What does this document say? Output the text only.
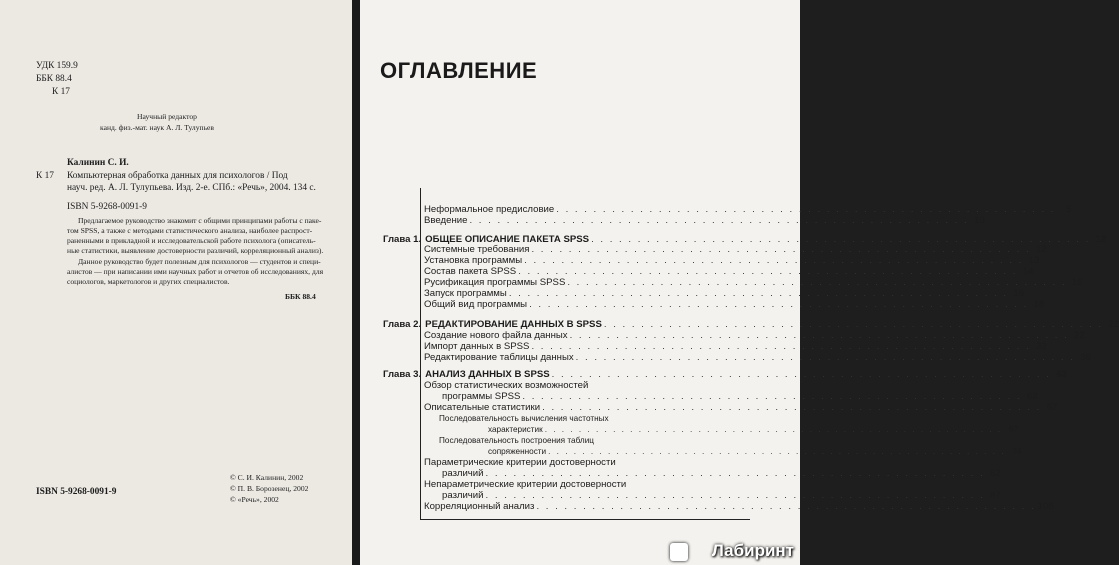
УДК 159.9
ББК 88.4
К 17
Научный редактор
канд. физ.-мат. наук А. Л. Тулупьев
Калинин С. И.
К 17 Компьютерная обработка данных для психологов / Под
науч. ред. А. Л. Тулупьева. Изд. 2-е. СПб.: «Речь», 2004. 134 с.
ISBN 5-9268-0091-9
Предлагаемое руководство знакомит с общими принципами работы с паке-
том SPSS, а также с методами статистического анализа, наиболее распрост-
раненными в прикладной и исследовательской работе психолога (описатель-
ные статистики, выявление достоверности различий, корреляционный анализ).
Данное руководство будет полезным для психологов — студентов и специ-
алистов — при написании ими научных работ и отчетов об исследованиях, для
социологов, маркетологов и других специалистов.
ББК 88.4
© С. И. Калинин, 2002
© П. В. Борозенец, 2002
© «Речь», 2002
ISBN 5-9268-0091-9
ОГЛАВЛЕНИЕ
Неформальное предисловие . . . . . . . . . . . . . . . . . . . . . . . . . . . . . . . . . . . . . . . . . . . . . . . . . . . . . .	5
Введение . . . . . . . . . . . . . . . . . . . . . . . . . . . . . . . . . . . . . . . . . . . . . . . . . . . . . . 10
Глава 1. ОБЩЕЕ ОПИСАНИЕ ПАКЕТА SPSS . . . . . . . . . . . . . . . . . . . . . . . . . . . . . . . . . . . . . . . . . . . . . . . . . . . . . . 12
Системные требования . . . . . . . . . . . . . . . . . . . . . . . . . . . . . . . . . . . . . . . . . . . . . . . . . . . . . . 12
Установка программы . . . . . . . . . . . . . . . . . . . . . . . . . . . . . . . . . . . . . . . . . . . . . . . . . . . . . . 13
Состав пакета SPSS . . . . . . . . . . . . . . . . . . . . . . . . . . . . . . . . . . . . . . . . . . . . . . . . . . . . . . 14
Русификация программы SPSS . . . . . . . . . . . . . . . . . . . . . . . . . . . . . . . . . . . . . . . . . . . . . . . . . . . . . . 15
Запуск программы . . . . . . . . . . . . . . . . . . . . . . . . . . . . . . . . . . . . . . . . . . . . . . . . . . . . . . 16
Общий вид программы . . . . . . . . . . . . . . . . . . . . . . . . . . . . . . . . . . . . . . . . . . . . . . . . . . . . . . 18
Глава 2. РЕДАКТИРОВАНИЕ ДАННЫХ В SPSS . . . . . . . . . . . . . . . . . . . . . . . . . . . . . . . . . . . . . . . . . . . . . . . . . . . . . . 22
Создание нового файла данных . . . . . . . . . . . . . . . . . . . . . . . . . . . . . . . . . . . . . . . . . . . . . . . . . . . . . . 22
Импорт данных в SPSS . . . . . . . . . . . . . . . . . . . . . . . . . . . . . . . . . . . . . . . . . . . . . . . . . . . . . . 32
Редактирование таблицы данных . . . . . . . . . . . . . . . . . . . . . . . . . . . . . . . . . . . . . . . . . . . . . . . . . . . . . . 36
Глава 3. АНАЛИЗ ДАННЫХ В SPSS . . . . . . . . . . . . . . . . . . . . . . . . . . . . . . . . . . . . . . . . . . . . . . . . . . . . . . 63
Обзор статистических возможностей
программы SPSS . . . . . . . . . . . . . . . . . . . . . . . . . . . . . . . . . . . . . . . . . . . . . . . . . . . . . . 63
Описательные статистики . . . . . . . . . . . . . . . . . . . . . . . . . . . . . . . . . . . . . . . . . . . . . . . . . . . . . . 67
Последовательность вычисления частотных
характеристик . . . . . . . . . . . . . . . . . . . . . . . . . . . . . . . . . . . . . . . . . . . . . . . . . . . . . . 67
Последовательность построения таблиц
сопряженности . . . . . . . . . . . . . . . . . . . . . . . . . . . . . . . . . . . . . . . . . . . . . . . . . . . . . . 74
Параметрические критерии достоверности
различий . . . . . . . . . . . . . . . . . . . . . . . . . . . . . . . . . . . . . . . . . . . . . . . . . . . . . . 82
Непараметрические критерии достоверности
различий . . . . . . . . . . . . . . . . . . . . . . . . . . . . . . . . . . . . . . . . . . . . . . . . . . . . . . 87
Корреляционный анализ . . . . . . . . . . . . . . . . . . . . . . . . . . . . . . . . . . . . . . . . . . . . . . . . . . . . . . 108
Лабиринт
